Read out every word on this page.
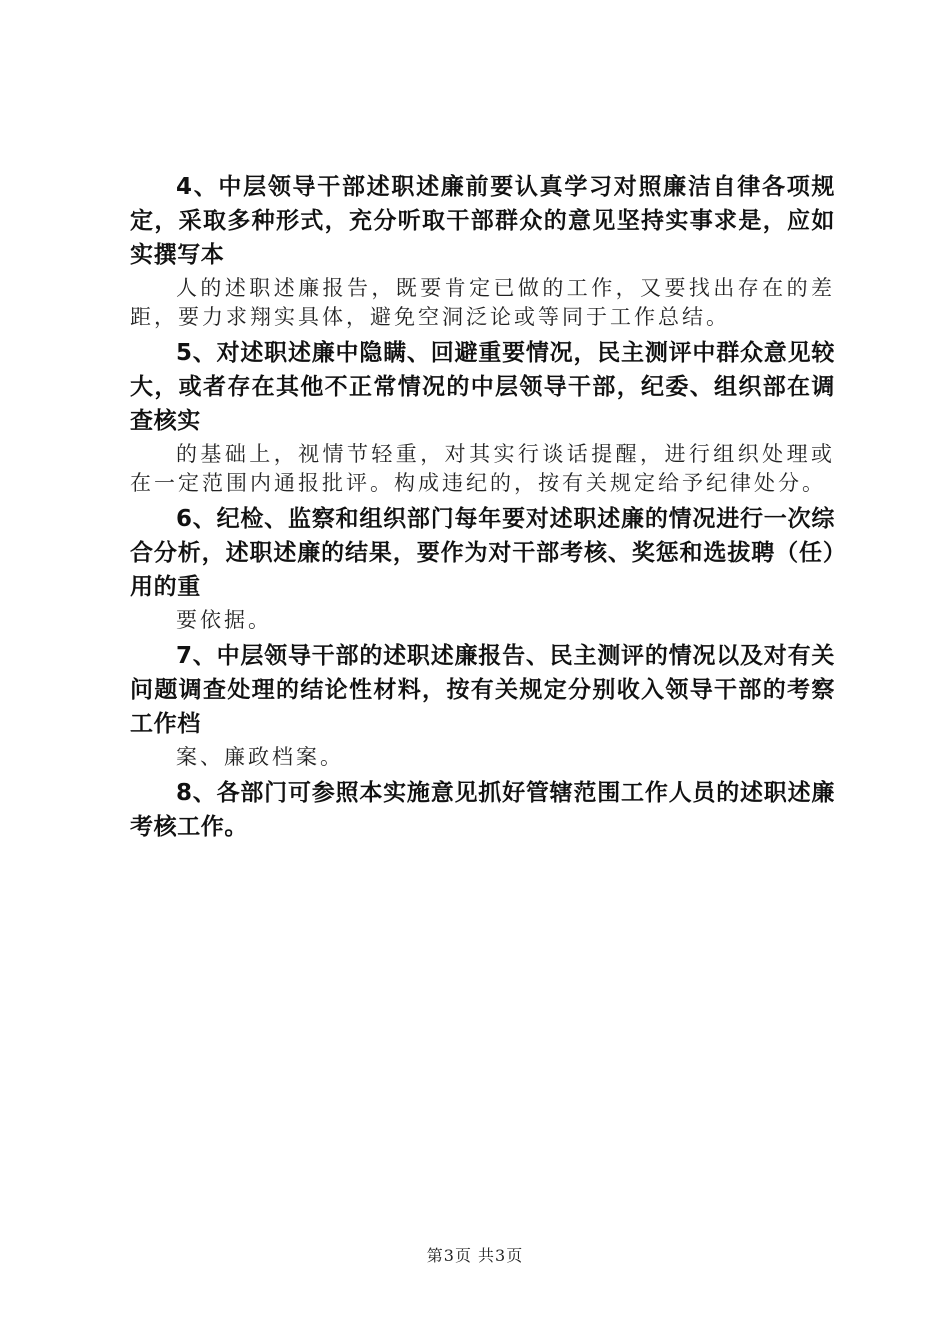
4、中层领导干部述职述廉前要认真学习对照廉洁自律各项规定，采取多种形式，充分听取干部群众的意见坚持实事求是，应如实撰写本

人的述职述廉报告，既要肯定已做的工作，又要找出存在的差距，要力求翔实具体，避免空洞泛论或等同于工作总结。

5、对述职述廉中隐瞒、回避重要情况，民主测评中群众意见较大，或者存在其他不正常情况的中层领导干部，纪委、组织部在调查核实

的基础上，视情节轻重，对其实行谈话提醒，进行组织处理或在一定范围内通报批评。构成违纪的，按有关规定给予纪律处分。

6、纪检、监察和组织部门每年要对述职述廉的情况进行一次综合分析，述职述廉的结果，要作为对干部考核、奖惩和选拔聘（任）用的重

要依据。

7、中层领导干部的述职述廉报告、民主测评的情况以及对有关问题调查处理的结论性材料，按有关规定分别收入领导干部的考察工作档

案、廉政档案。

8、各部门可参照本实施意见抓好管辖范围工作人员的述职述廉考核工作。

第3页 共3页
